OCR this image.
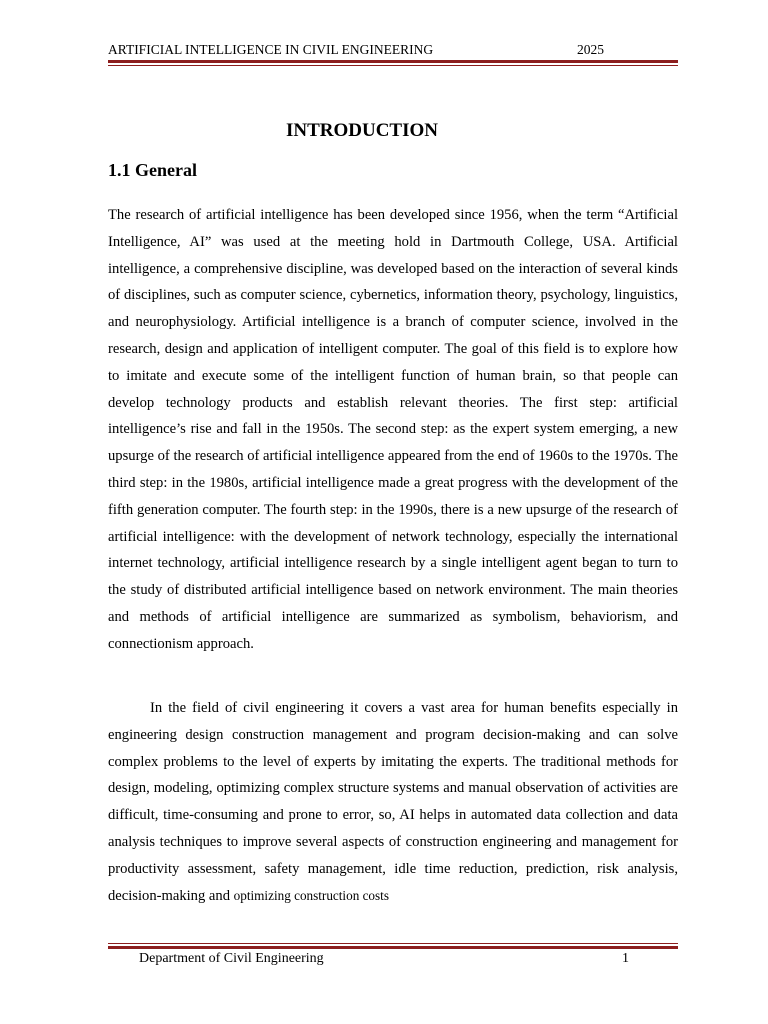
ARTIFICIAL INTELLIGENCE IN CIVIL ENGINEERING	2025
INTRODUCTION
1.1 General

The research of artificial intelligence has been developed since 1956, when the term “Artificial Intelligence, AI” was used at the meeting hold in Dartmouth College, USA. Artificial intelligence, a comprehensive discipline, was developed based on the interaction of several kinds of disciplines, such as computer science, cybernetics, information theory, psychology, linguistics, and neurophysiology. Artificial intelligence is a branch of computer science, involved in the research, design and application of intelligent computer. The goal of this field is to explore how to imitate and execute some of the intelligent function of human brain, so that people can develop technology products and establish relevant theories. The first step: artificial intelligence’s rise and fall in the 1950s. The second step: as the expert system emerging, a new upsurge of the research of artificial intelligence appeared from the end of 1960s to the 1970s. The third step: in the 1980s, artificial intelligence made a great progress with the development of the fifth generation computer. The fourth step: in the 1990s, there is a new upsurge of the research of artificial intelligence: with the development of network technology, especially the international internet technology, artificial intelligence research by a single intelligent agent began to turn to the study of distributed artificial intelligence based on network environment. The main theories and methods of artificial intelligence are summarized as symbolism, behaviorism, and connectionism approach.

In the field of civil engineering it covers a vast area for human benefits especially in engineering design construction management and program decision-making and can solve complex problems to the level of experts by imitating the experts. The traditional methods for design, modeling, optimizing complex structure systems and manual observation of activities are difficult, time-consuming and prone to error, so, AI helps in automated data collection and data analysis techniques to improve several aspects of construction engineering and management for productivity assessment, safety management, idle time reduction, prediction, risk analysis, decision-making and optimizing construction costs

Department of Civil Engineering	1
